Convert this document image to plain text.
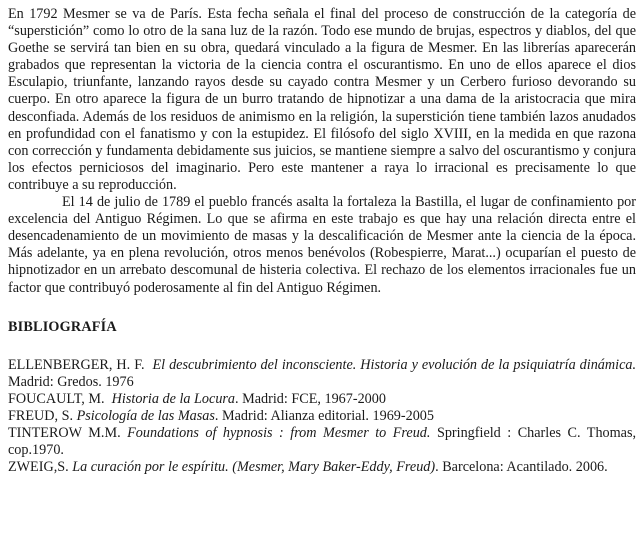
En 1792 Mesmer se va de París. Esta fecha señala el final del proceso de construcción de la categoría de “superstición” como lo otro de la sana luz de la razón. Todo ese mundo de brujas, espectros y diablos, del que Goethe se servirá tan bien en su obra, quedará vinculado a la figura de Mesmer. En las librerías aparecerán grabados que representan la victoria de la ciencia contra el oscurantismo. En uno de ellos aparece el dios Esculapio, triunfante, lanzando rayos desde su cayado contra Mesmer y un Cerbero furioso devorando su cuerpo. En otro aparece la figura de un burro tratando de hipnotizar a una dama de la aristocracia que mira desconfiada. Además de los residuos de animismo en la religión, la superstición tiene también lazos anudados en profundidad con el fanatismo y con la estupidez. El filósofo del siglo XVIII, en la medida en que razona con corrección y fundamenta debidamente sus juicios, se mantiene siempre a salvo del oscurantismo y conjura los efectos perniciosos del imaginario. Pero este mantener a raya lo irracional es precisamente lo que contribuye a su reproducción.

El 14 de julio de 1789 el pueblo francés asalta la fortaleza la Bastilla, el lugar de confinamiento por excelencia del Antiguo Régimen. Lo que se afirma en este trabajo es que hay una relación directa entre el desencadenamiento de un movimiento de masas y la descalificación de Mesmer ante la ciencia de la época. Más adelante, ya en plena revolución, otros menos benévolos (Robespierre, Marat...) ocuparían el puesto de hipnotizador en un arrebato descomunal de histeria colectiva. El rechazo de los elementos irracionales fue un factor que contribuyó poderosamente al fin del Antiguo Régimen.

BIBLIOGRAFÍA

ELLENBERGER, H. F. El descubrimiento del inconsciente. Historia y evolución de la psiquiatría dinámica. Madrid: Gredos. 1976

FOUCAULT, M. Historia de la Locura. Madrid: FCE, 1967-2000

FREUD, S. Psicología de las Masas. Madrid: Alianza editorial. 1969-2005

TINTEROW M.M. Foundations of hypnosis : from Mesmer to Freud. Springfield : Charles C. Thomas, cop.1970.

ZWEIG,S. La curación por le espíritu. (Mesmer, Mary Baker-Eddy, Freud). Barcelona: Acantilado. 2006.
